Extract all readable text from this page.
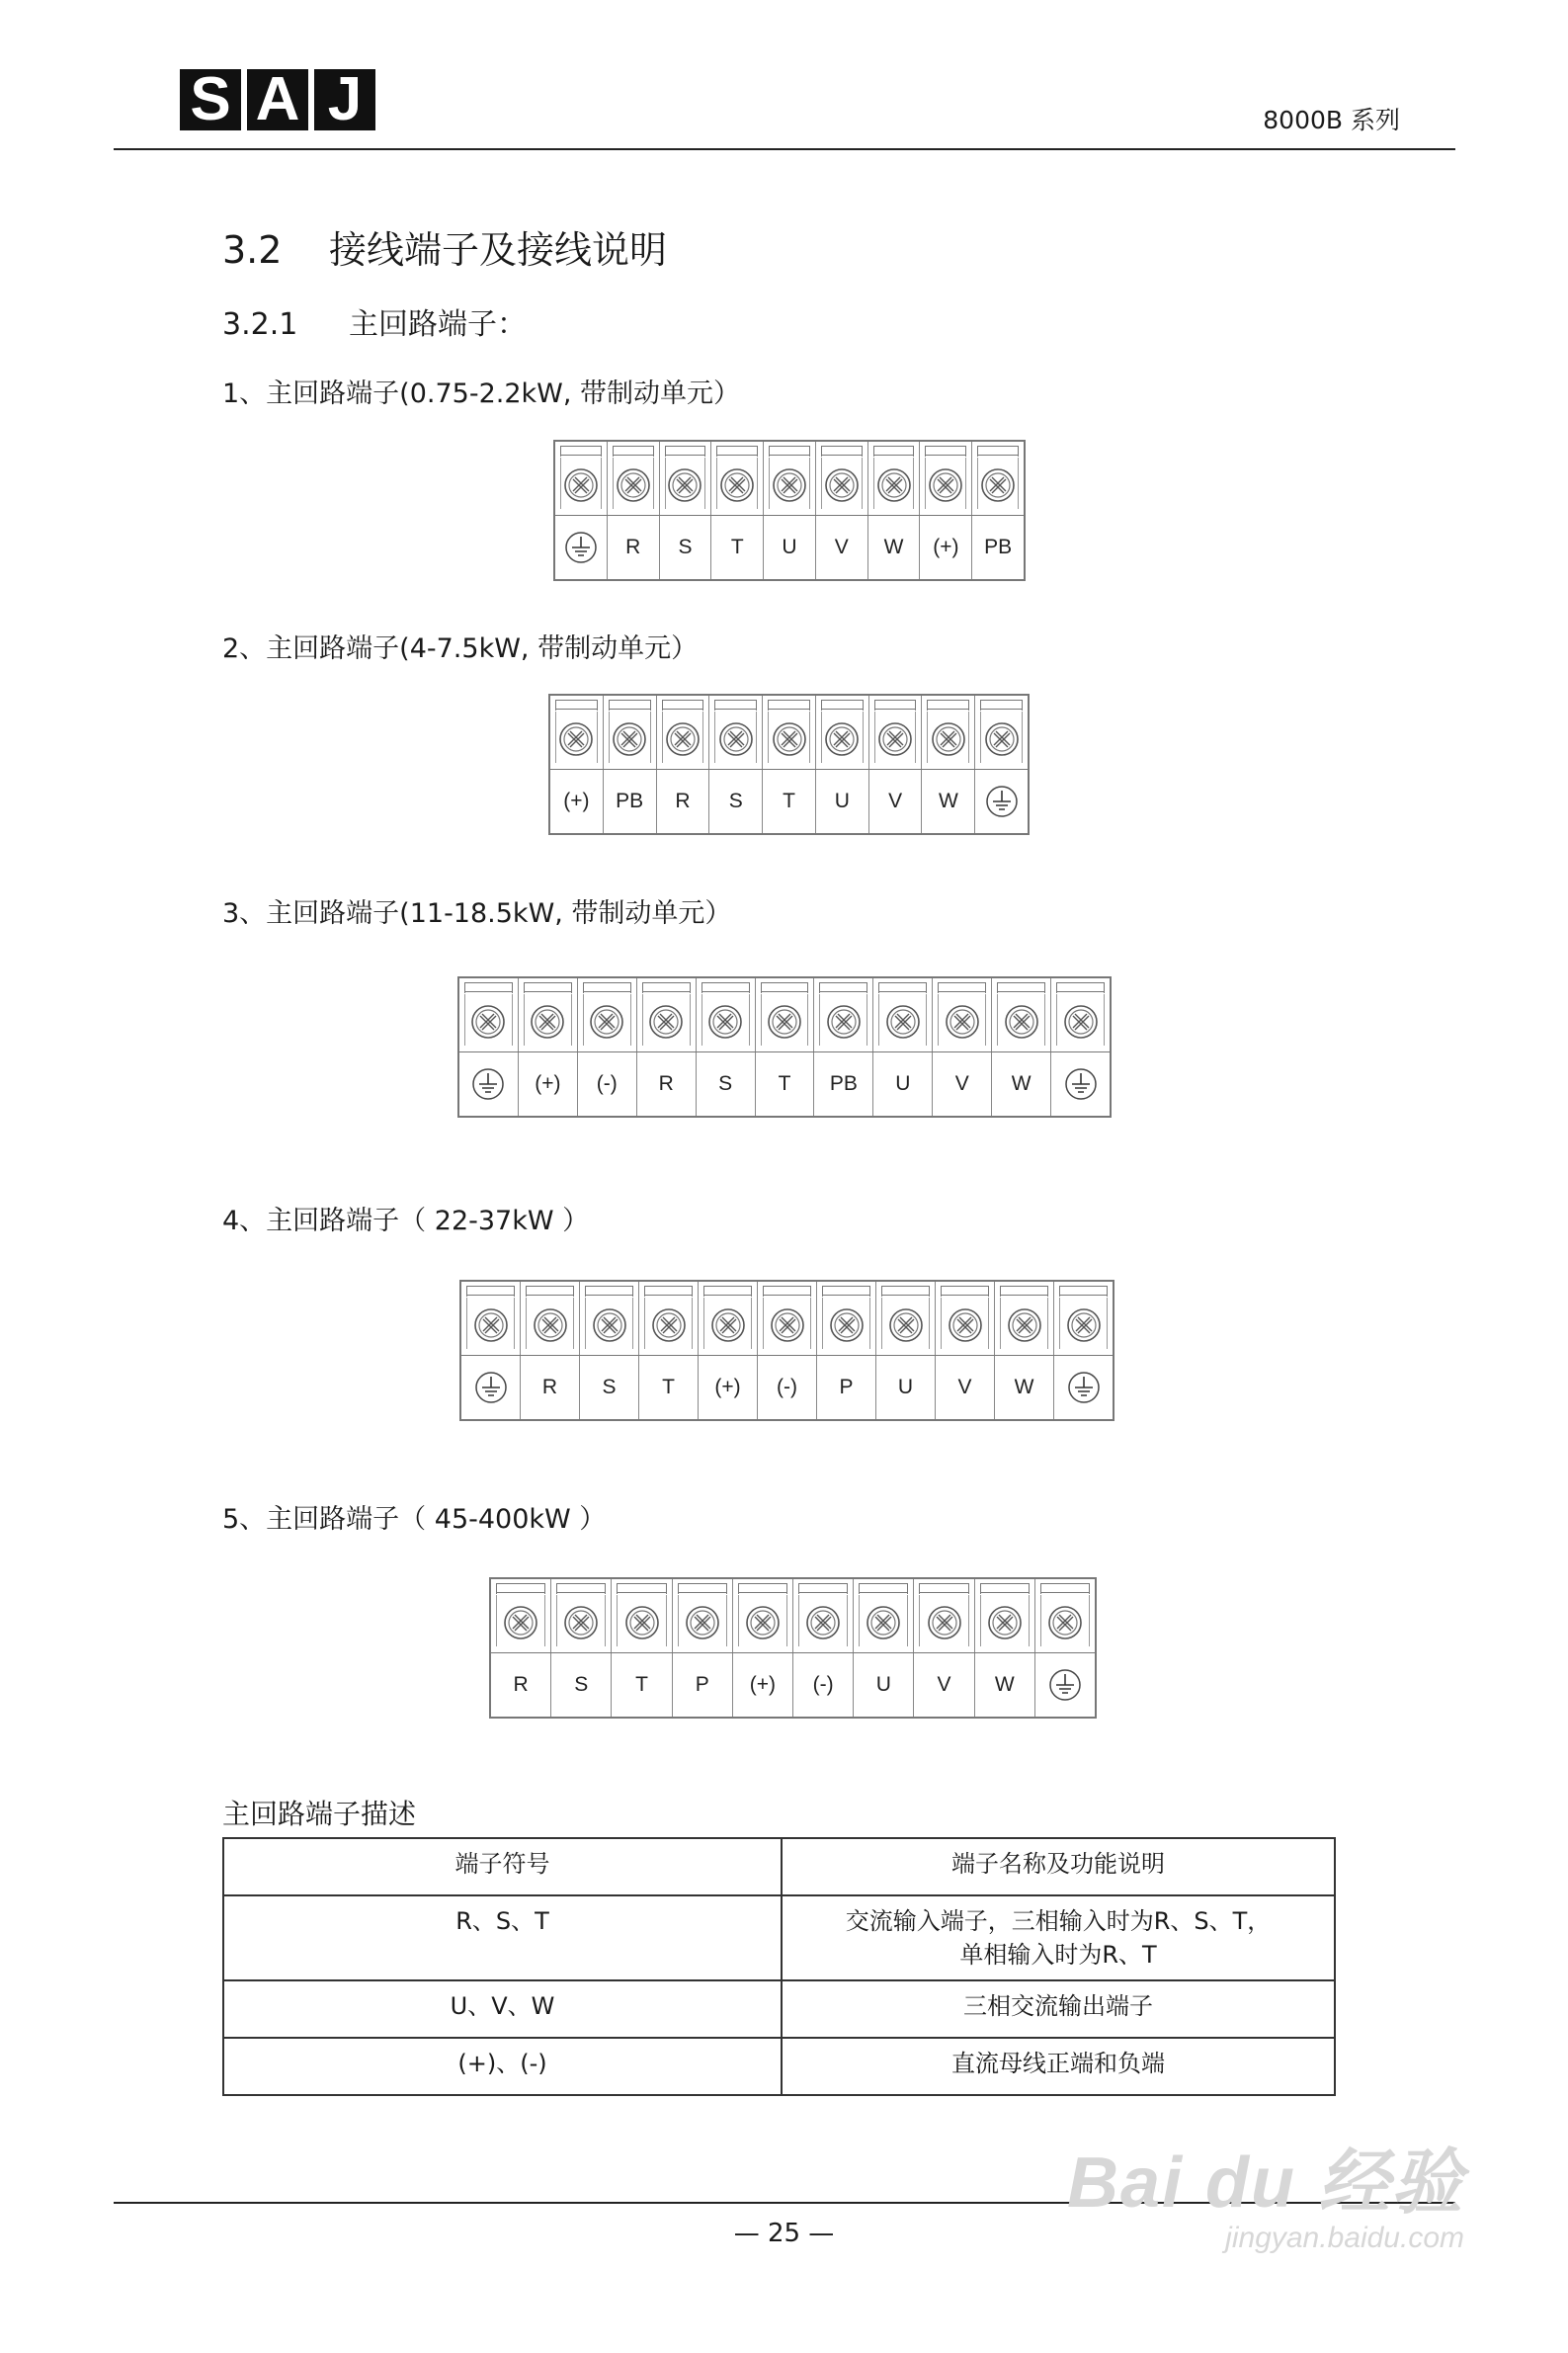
S A J	8000B 系列
3.2 接线端子及接线说明
3.2.1 主回路端子：
1、主回路端子(0.75-2.2kW, 带制动单元）
2、主回路端子(4-7.5kW, 带制动单元）
3、主回路端子(11-18.5kW, 带制动单元）
4、主回路端子（ 22-37kW ）
5、主回路端子（ 45-400kW ）
R	S	T	U	V	W	(+)	PB
(+)	PB	R	S	T	U	V	W
(+)	(-)	R	S	T	PB	U	V	W
R	S	T	(+)	(-)	P	U	V	W
R	S	T	P	(+)	(-)	U	V	W
主回路端子描述
端子符号	端子名称及功能说明
R、S、T	交流输入端子，三相输入时为R、S、T，
单相输入时为R、T

U、V、W	三相交流输出端子
(+)、(-)	直流母线正端和负端
— 25 —
Bai du 经验
jingyan.baidu.com
